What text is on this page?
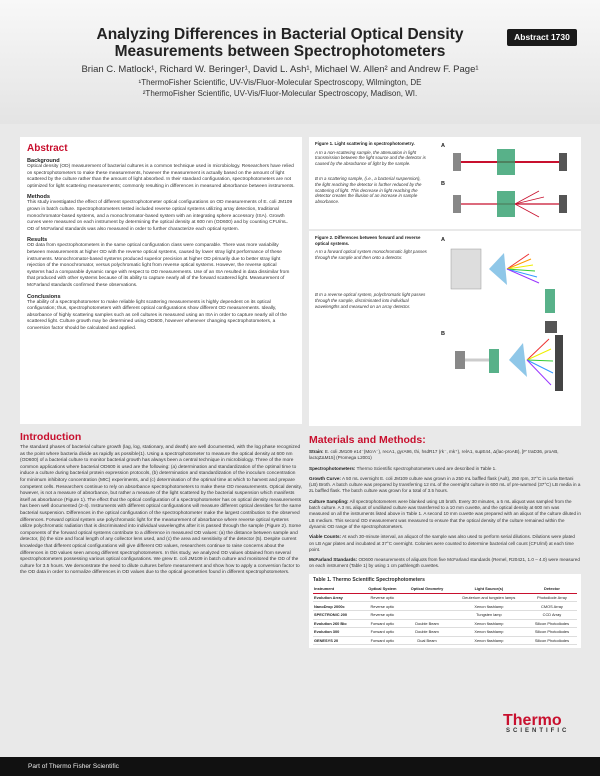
Analyzing Differences in Bacterial Optical Density
Measurements between Spectrophotometers
Brian C. Matlock¹, Richard W. Beringer¹, David L. Ash¹, Michael W. Allen² and Andrew F. Page¹
¹ThermoFisher Scientific, UV-Vis/Fluor-Molecular Spectroscopy, Wilmington, DE
²ThermoFisher Scientific, UV-Vis/Fluor-Molecular Spectroscopy, Madison, WI.
Abstract 1730
Abstract
Background
Optical density (OD) measurement of bacterial cultures is a common technique used in microbiology. Researchers have relied on spectrophotometers to make these measurements, however the measurement is actually based on the amount of light scattered by the culture rather than the amount of light absorbed. In their standard configuration, spectrophotometers are not optimized for light scattering measurements; commonly resulting in differences in measured absorbance between instruments.
Methods
This study investigated the effect of different spectrophotometer optical configurations on OD measurements of E. coli JM109 grown in batch culture. Spectrophotometers tested included reverse optical systems utilizing array detection, traditional monochromator-based systems, and a monochromator-based system with an integrating sphere accessory (ISA). Growth curves were measured on each instrument by determining the optical density at 600 nm (OD600) and by counting CFU/mL. OD of McFarland standards was also measured in order to further characterize each optical system.
Results
OD data from spectrophotometers in the same optical configuration class were comparable. There was more variability between measurements at higher OD with the reverse optical systems, caused by lower stray light performance of these instruments. Monochromator-based systems produced superior precision at higher OD primarily due to better stray light rejection of the monochromator, versus polychromatic light from reverse optical systems. However, the reverse optical systems had a comparable dynamic range with respect to OD measurements. Use of an ISA resulted in data dissimilar from that produced with other systems because of its ability to capture nearly all of the forward scattered light. Measurement of McFarland standards confirmed these observations.
Conclusions
The ability of a spectrophotometer to make reliable light scattering measurements is highly dependent on its optical configuration; thus, spectrophotometers with different optical configurations show different OD measurements. Ideally, absorbance of highly scattering samples such as cell cultures is measured using an ISA in order to capture nearly all of the scattered light. Culture growth may be determined using OD600, however whenever changing spectrophotometers, a conversion factor should be calculated and applied.
Introduction
The standard phases of bacterial culture growth (lag, log, stationary, and death) are well documented, with the log phase recognized as the point where bacteria divide as rapidly as possible(1). Using a spectrophotometer to measure the optical density at 600 nm (OD600) of a bacterial culture to monitor bacterial growth has always been a central technique in microbiology. Three of the more common applications where bacterial OD600 is used are the following: (a) determination and standardization of the optimal time to induce a culture during bacterial protein expression protocols, (b) determination and standardization of the inoculum concentration for minimum inhibitory concentration (MIC) experiments, and (c) determination of the optimal time at which to harvest and prepare competent cells. Researchers continue to rely on absorbance spectrophotometers to make these OD measurements. Optical density, however, is not a measure of absorbance, but rather a measure of the light scattered by the bacterial suspension which manifests itself as absorbance (Figure 1). The effect that the optical configuration of a spectrophotometer has on optical density measurements has been well documented (2-4). Instruments with different optical configurations will measure different optical densities for the same bacterial suspension. Differences in the optical configuration of the spectrophotometer make the largest contribution to the observed differences. Forward optical system use polychromatic light for the measurement of absorbance where reverse optical systems utilize polychromatic radiation that is discriminated into individual wavelengths after it is passed through the sample (Figure 2). Some components of the forward optical systems contribute to a difference in measured OD values: (a) the distance between sample and detector, (b) the size and focal length of any collector lens used, and (c) the area and sensitivity of the detector (5). Despite current knowledge that different optical configurations will give different OD values, researchers continue to raise concerns about the differences in OD values seen among different spectrophotometers. In this study, we analyzed OD values obtained from several spectrophotometers possessing various optical configurations. We grew E. coli JM109 in batch culture and monitored the OD of the culture for 3.5 hours. We demonstrate the need to dilute cultures before measurement and show how to apply a conversion factor to the OD data in order to normalize differences in OD values due to the optical geometries found in different spectrophotometers.
Figure 1. Light scattering in spectrophotometry.
A In a non-scattering sample, the attenuation in light transmission between the light source and the detector is caused by the absorbance of light by the sample.
B In a scattering sample, (i.e., a bacterial suspension), the light reaching the detector is further reduced by the scattering of light. This decrease in light reaching the detector creates the illusion of an increase in sample absorbance.
A
B
Figure 2. Differences between forward and reverse optical systems.
A In a forward optical system monochromatic light passes through the sample and then onto a detector.
B In a reverse optical system, polychromatic light passes through the sample, discriminated into individual wavelengths and measured on an array detector.
A
B
Materials and Methods:
Strain: E. coli JM109 e14⁻(McrA⁻), recA1, gyrA96, thi, hsdR17 (rk⁻, mk⁺), relA1, supE44, Δ(lac-proAB), [F' traD36, proAB, lacIqZΔM15] (Promega L2001)
Spectrophotometers: Thermo Scientific spectrophotometers used are described in Table 1.
Growth Curve: A 50 mL overnight E. coli JM109 culture was grown in a 250 mL baffled flask (Ault), 250 rpm, 37°C in Luria Bertani (LB) Broth. A batch culture was prepared by transferring 12 mL of the overnight culture in 600 mL of pre-warmed (37°C) LB media in a 2L baffled flask. The batch culture was grown for a total of 3.5 hours.
Culture Sampling: All spectrophotometers were blanked using LB broth. Every 30 minutes, a 5 mL aliquot was sampled from the batch culture. A 3 mL aliquot of undiluted culture was transferred to a 10 mm cuvette, and the optical density at 600 nm was measured on all the instruments listed above in Table 1. A second 10 mm cuvette was prepared with an aliquot of the culture diluted in LB medium. This second OD measurement was measured to ensure that the optical density of the culture remained within the dynamic OD range of the spectrophotometers.
Viable Counts: At each 30-minute interval, an aliquot of the sample was also used to perform serial dilutions. Dilutions were plated on LB Agar plates and incubated at 37°C overnight. Colonies were counted to determine bacterial cell count (CFU/ml) at each time point.
McFarland Standards: OD600 measurements of aliquots from five McFarland standards (Remel, R20421, 1.0 – 4.0) were measured on each instrument (Table 1) by using 1 cm pathlength cuvettes.
Table 1. Thermo Scientific Spectrophotometers
Instrument	Optical System	Optical Geometry	Light Source(s)	Detector
Evolution Array	Reverse optic		Deuterium and tungsten lamps	Photodiode Array
NanoDrop 2000c	Reverse optic		Xenon flashlamp	CMOS Array
SPECTRONIC 200	Reverse optic		Tungsten lamp	CCD Array
Evolution 260 Bio	Forward optic	Double Beam	Xenon flashlamp	Silicon Photodiodes
Evolution 300	Forward optic	Double Beam	Xenon flashlamp	Silicon Photodiodes
GENESYS 20	Forward optic	Dual Beam	Xenon flashlamp	Silicon Photodiodes
Thermo
SCIENTIFIC
Part of Thermo Fisher Scientific
